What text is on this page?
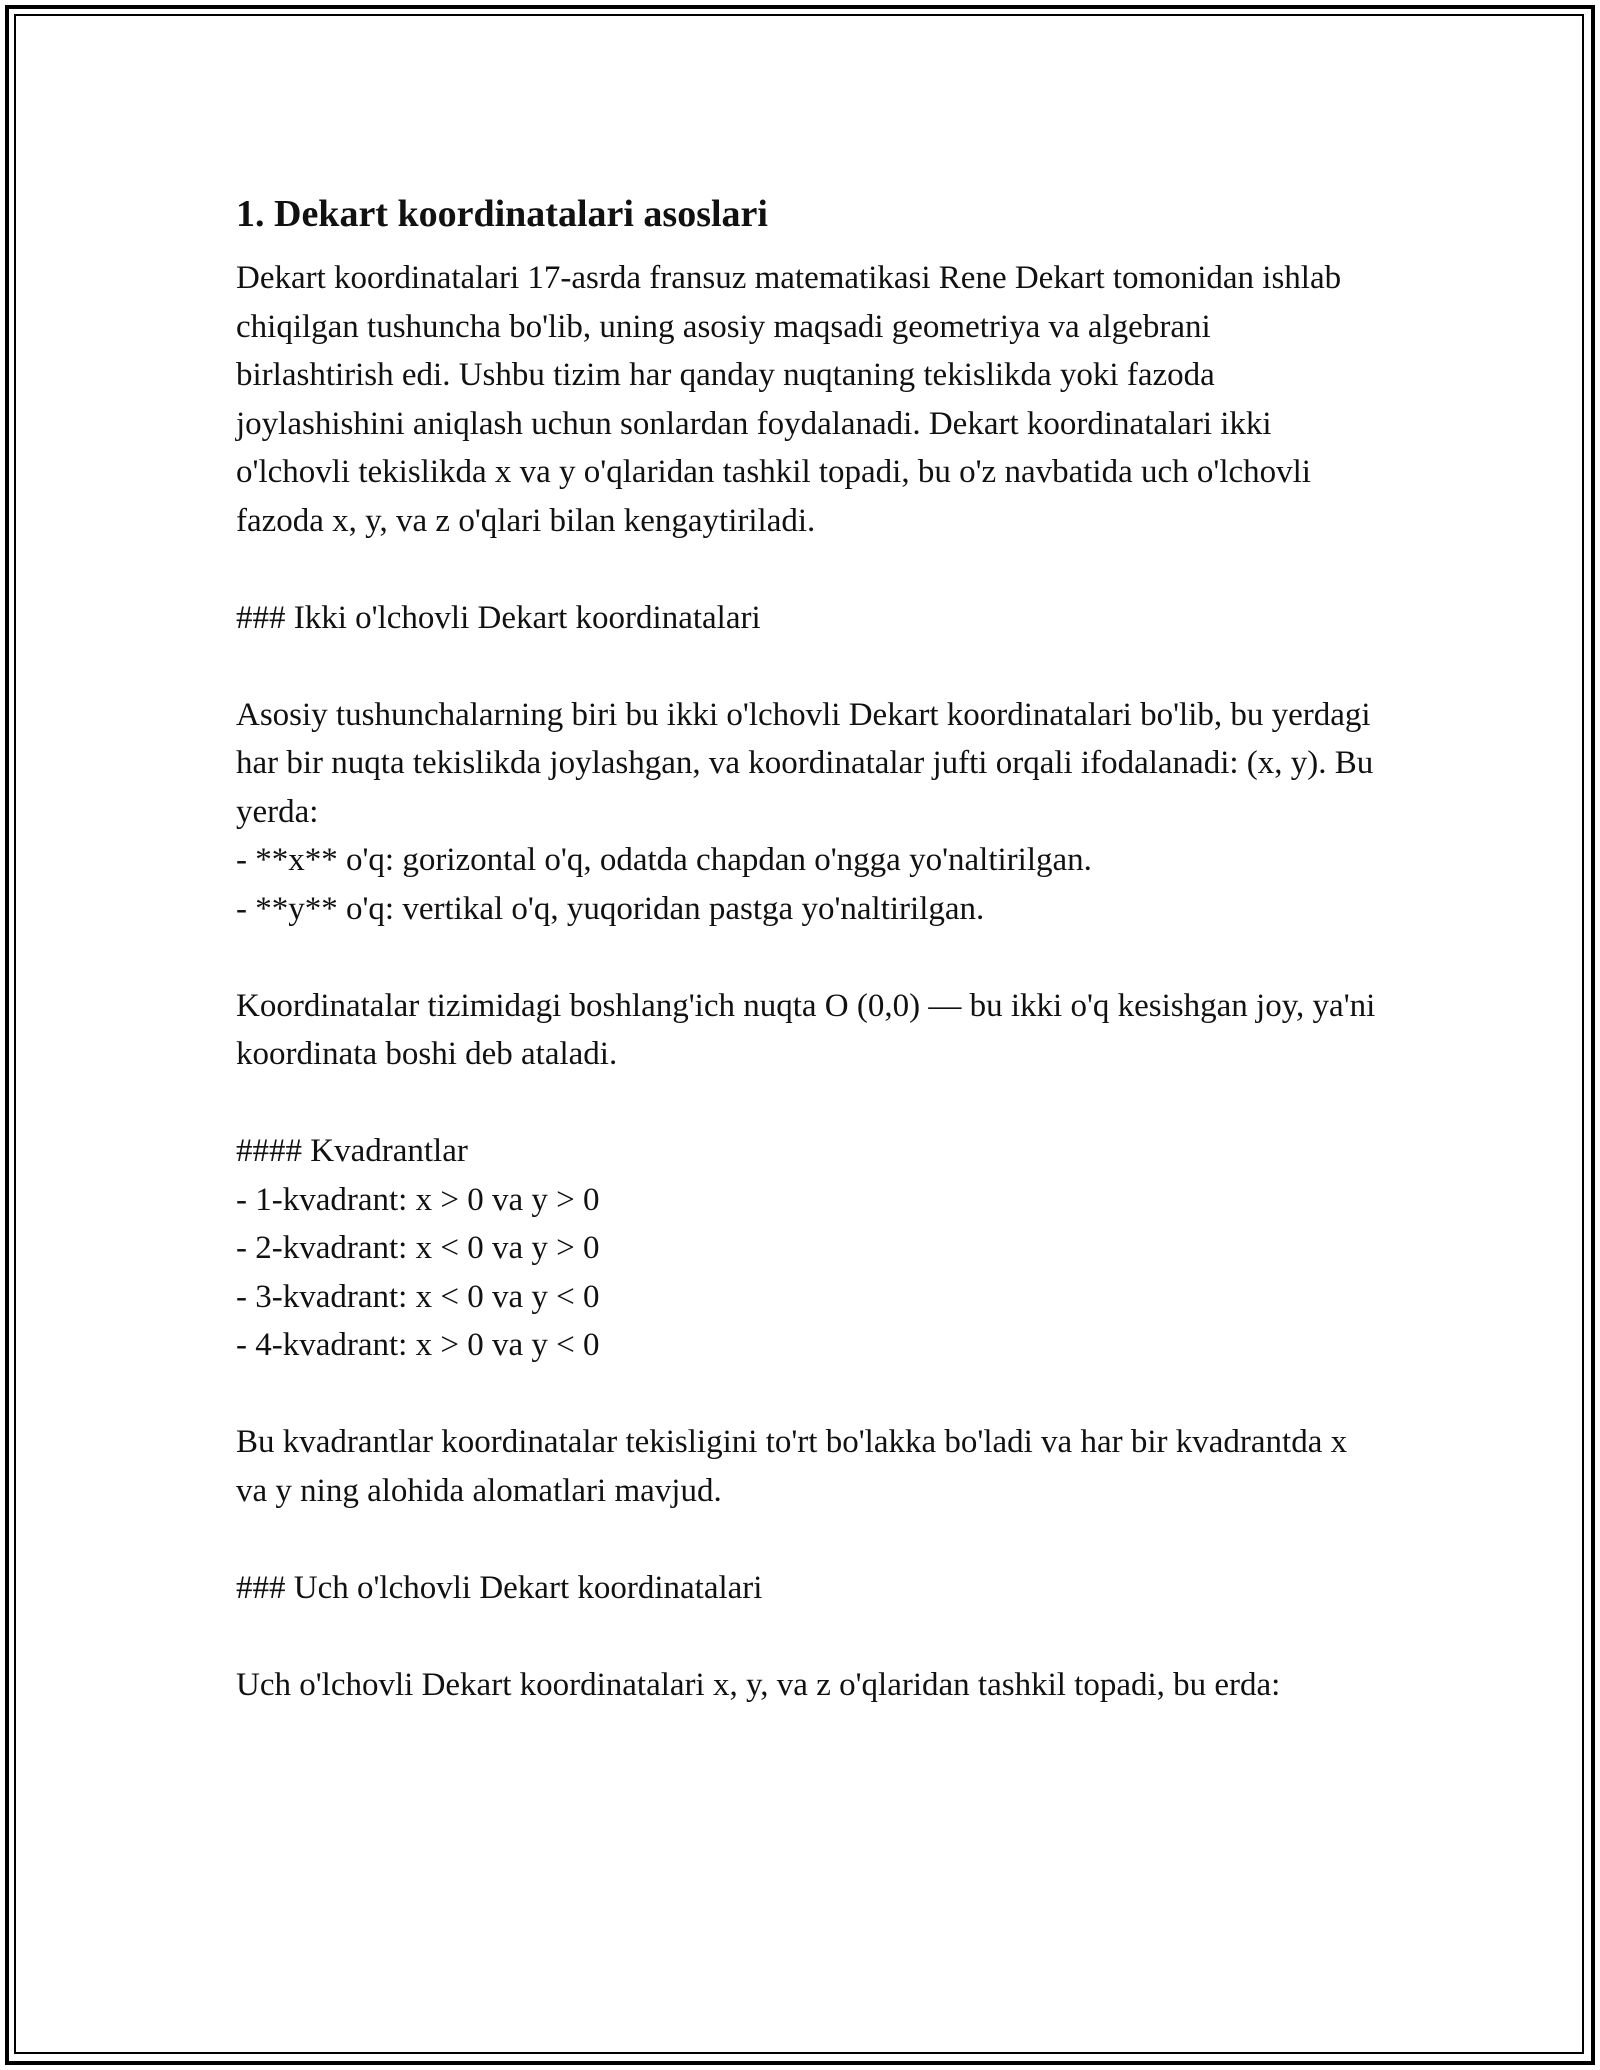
1. Dekart koordinatalari asoslari

Dekart koordinatalari 17-asrda fransuz matematikasi Rene Dekart tomonidan ishlab chiqilgan tushuncha bo'lib, uning asosiy maqsadi geometriya va algebrani birlashtirish edi. Ushbu tizim har qanday nuqtaning tekislikda yoki fazoda joylashishini aniqlash uchun sonlardan foydalanadi. Dekart koordinatalari ikki o'lchovli tekislikda x va y o'qlaridan tashkil topadi, bu o'z navbatida uch o'lchovli fazoda x, y, va z o'qlari bilan kengaytiriladi.

### Ikki o'lchovli Dekart koordinatalari

Asosiy tushunchalarning biri bu ikki o'lchovli Dekart koordinatalari bo'lib, bu yerdagi har bir nuqta tekislikda joylashgan, va koordinatalar jufti orqali ifodalanadi: (x, y). Bu yerda:

- **x** o'q: gorizontal o'q, odatda chapdan o'ngga yo'naltirilgan.
- **y** o'q: vertikal o'q, yuqoridan pastga yo'naltirilgan.

Koordinatalar tizimidagi boshlang'ich nuqta O (0,0) — bu ikki o'q kesishgan joy, ya'ni koordinata boshi deb ataladi.

#### Kvadrantlar

- 1-kvadrant: x > 0 va y > 0
- 2-kvadrant: x < 0 va y > 0
- 3-kvadrant: x < 0 va y < 0
- 4-kvadrant: x > 0 va y < 0

Bu kvadrantlar koordinatalar tekisligini to'rt bo'lakka bo'ladi va har bir kvadrantda x va y ning alohida alomatlari mavjud.

### Uch o'lchovli Dekart koordinatalari

Uch o'lchovli Dekart koordinatalari x, y, va z o'qlaridan tashkil topadi, bu erda:
